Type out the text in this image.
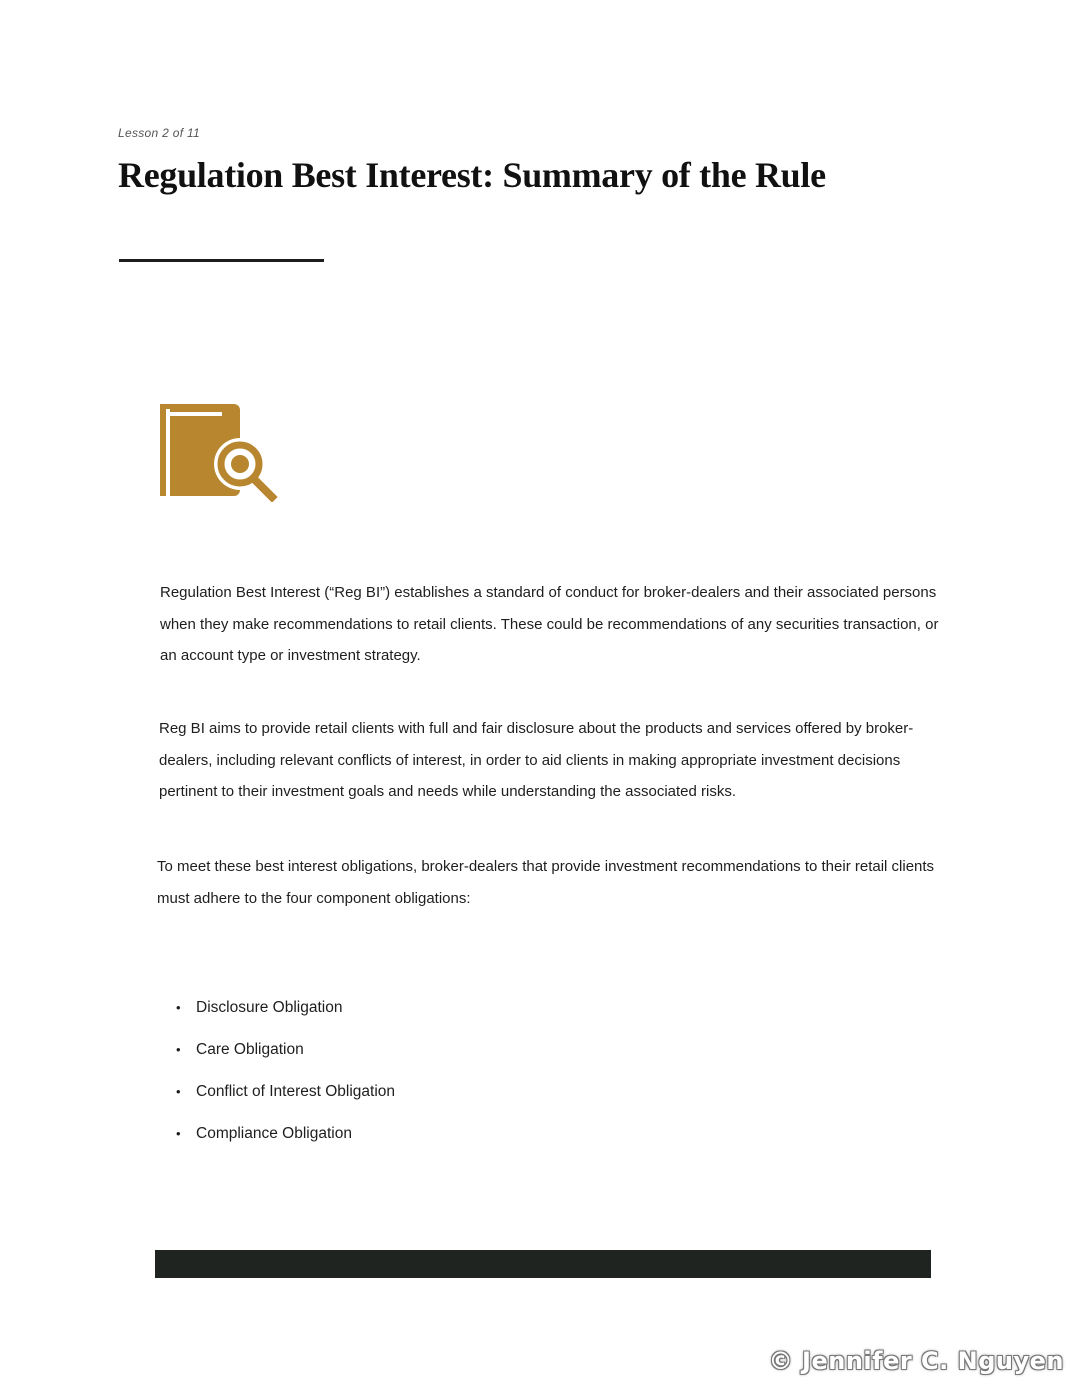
Lesson 2 of 11
Regulation Best Interest: Summary of the Rule

Regulation Best Interest (“Reg BI”) establishes a standard of conduct for broker-dealers and their associated persons when they make recommendations to retail clients. These could be recommendations of any securities transaction, or an account type or investment strategy.

Reg BI aims to provide retail clients with full and fair disclosure about the products and services offered by broker-dealers, including relevant conflicts of interest, in order to aid clients in making appropriate investment decisions pertinent to their investment goals and needs while understanding the associated risks.

To meet these best interest obligations, broker-dealers that provide investment recommendations to their retail clients must adhere to the four component obligations:

• Disclosure Obligation
• Care Obligation
• Conflict of Interest Obligation
• Compliance Obligation
© Jennifer C. Nguyen
